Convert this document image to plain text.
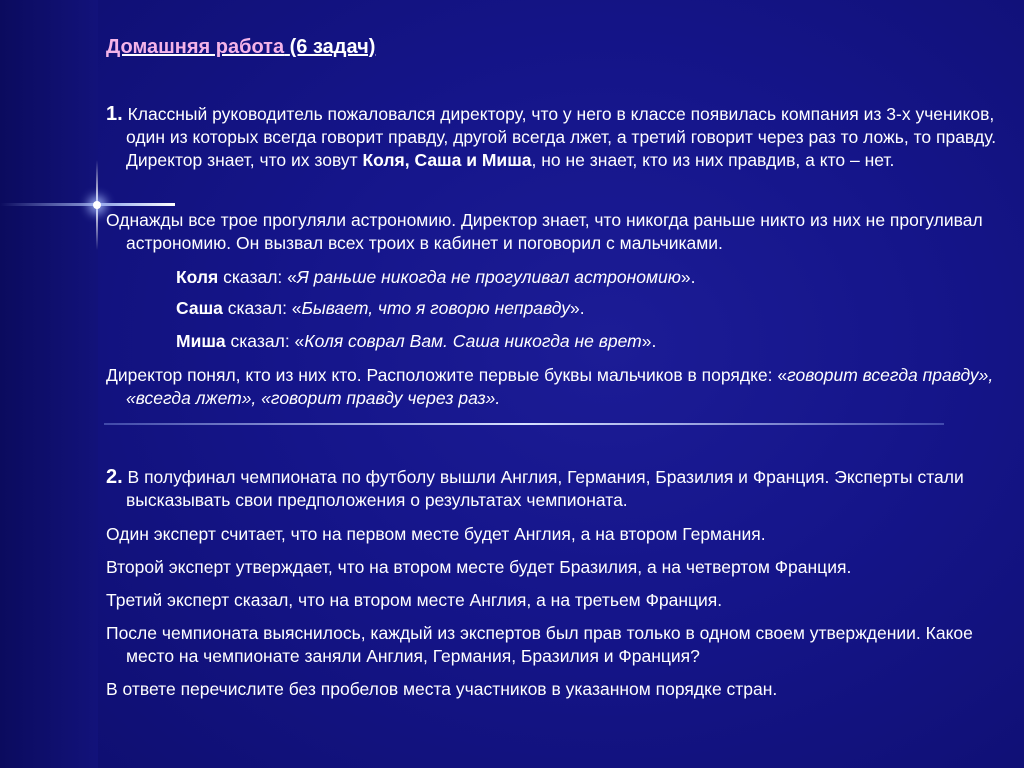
Домашняя работа (6 задач)
1. Классный руководитель пожаловался директору, что у него в классе появилась компания из 3-х учеников, один из которых всегда говорит правду, другой всегда лжет, а третий говорит через раз то ложь, то правду. Директор знает, что их зовут Коля, Саша и Миша, но не знает, кто из них правдив, а кто – нет.
Однажды все трое прогуляли астрономию. Директор знает, что никогда раньше никто из них не прогуливал астрономию. Он вызвал всех троих в кабинет и поговорил с мальчиками.
Коля сказал: «Я раньше никогда не прогуливал астрономию».
Саша сказал: «Бывает, что я говорю неправду».
Миша сказал: «Коля соврал Вам. Саша никогда не врет».
Директор понял, кто из них кто. Расположите первые буквы мальчиков в порядке: «говорит всегда правду», «всегда лжет», «говорит правду через раз».
2. В полуфинал чемпионата по футболу вышли Англия, Германия, Бразилия и Франция. Эксперты стали высказывать свои предположения о результатах чемпионата.
Один эксперт считает, что на первом месте будет Англия, а на втором Германия.
Второй эксперт утверждает, что на втором месте будет Бразилия, а на четвертом Франция.
Третий эксперт сказал, что на втором месте Англия, а на третьем Франция.
После чемпионата выяснилось, каждый из экспертов был прав только в одном своем утверждении. Какое место на чемпионате заняли Англия, Германия, Бразилия и Франция?
В ответе перечислите без пробелов места участников в указанном порядке стран.
